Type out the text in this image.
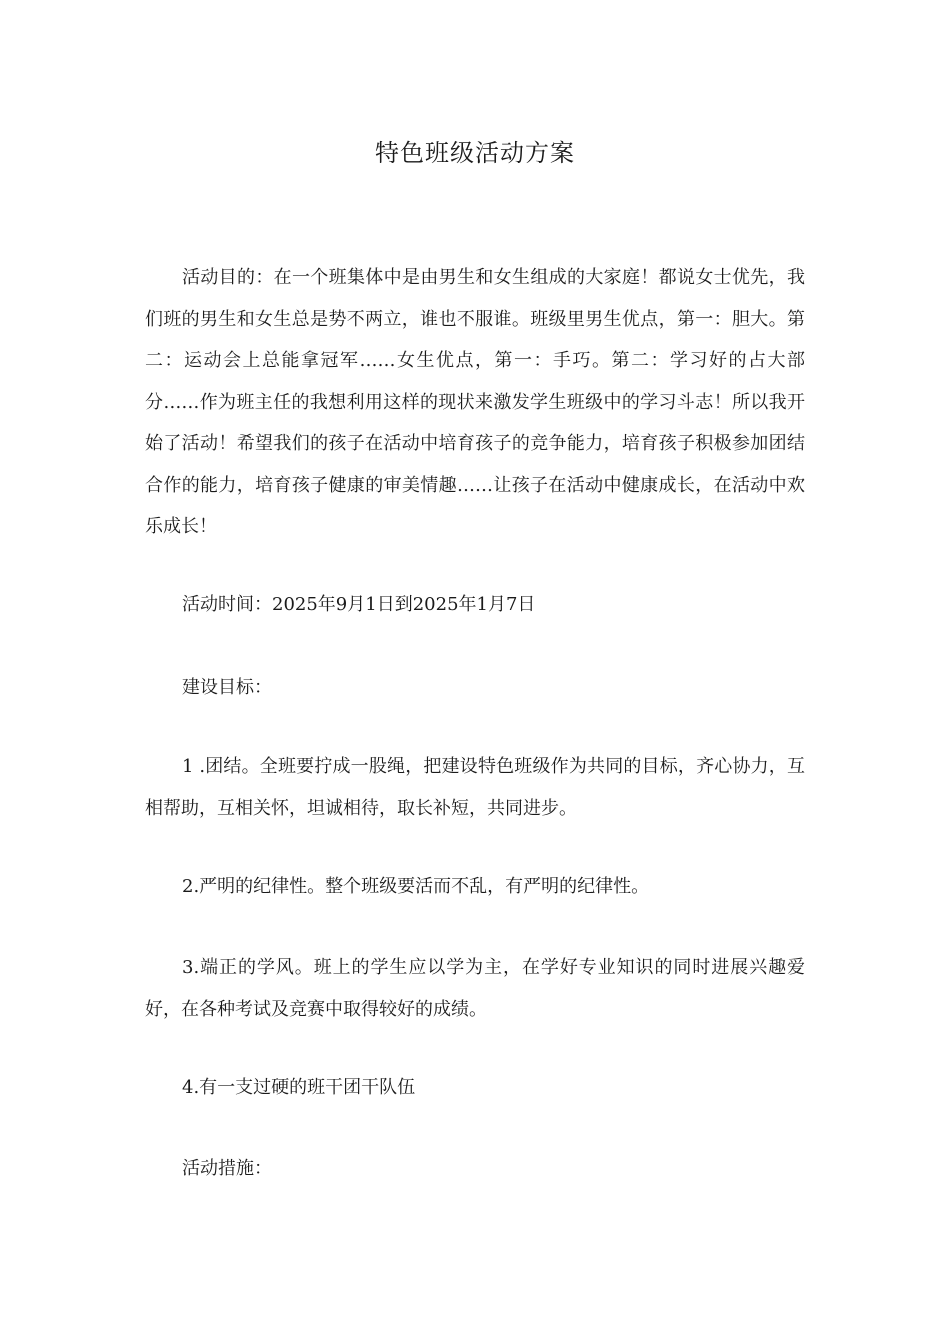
特色班级活动方案

活动目的：在一个班集体中是由男生和女生组成的大家庭！都说女士优先，我们班的男生和女生总是势不两立，谁也不服谁。班级里男生优点，第一：胆大。第二：运动会上总能拿冠军……女生优点，第一：手巧。第二：学习好的占大部分……作为班主任的我想利用这样的现状来激发学生班级中的学习斗志！所以我开始了活动！希望我们的孩子在活动中培育孩子的竞争能力，培育孩子积极参加团结合作的能力，培育孩子健康的审美情趣……让孩子在活动中健康成长，在活动中欢乐成长！

活动时间：2025年9月1日到2025年1月7日

建设目标：

1 .团结。全班要拧成一股绳，把建设特色班级作为共同的目标，齐心协力，互相帮助，互相关怀，坦诚相待，取长补短，共同进步。

2.严明的纪律性。整个班级要活而不乱，有严明的纪律性。

3.端正的学风。班上的学生应以学为主，在学好专业知识的同时进展兴趣爱好，在各种考试及竞赛中取得较好的成绩。

4.有一支过硬的班干团干队伍

活动措施：
